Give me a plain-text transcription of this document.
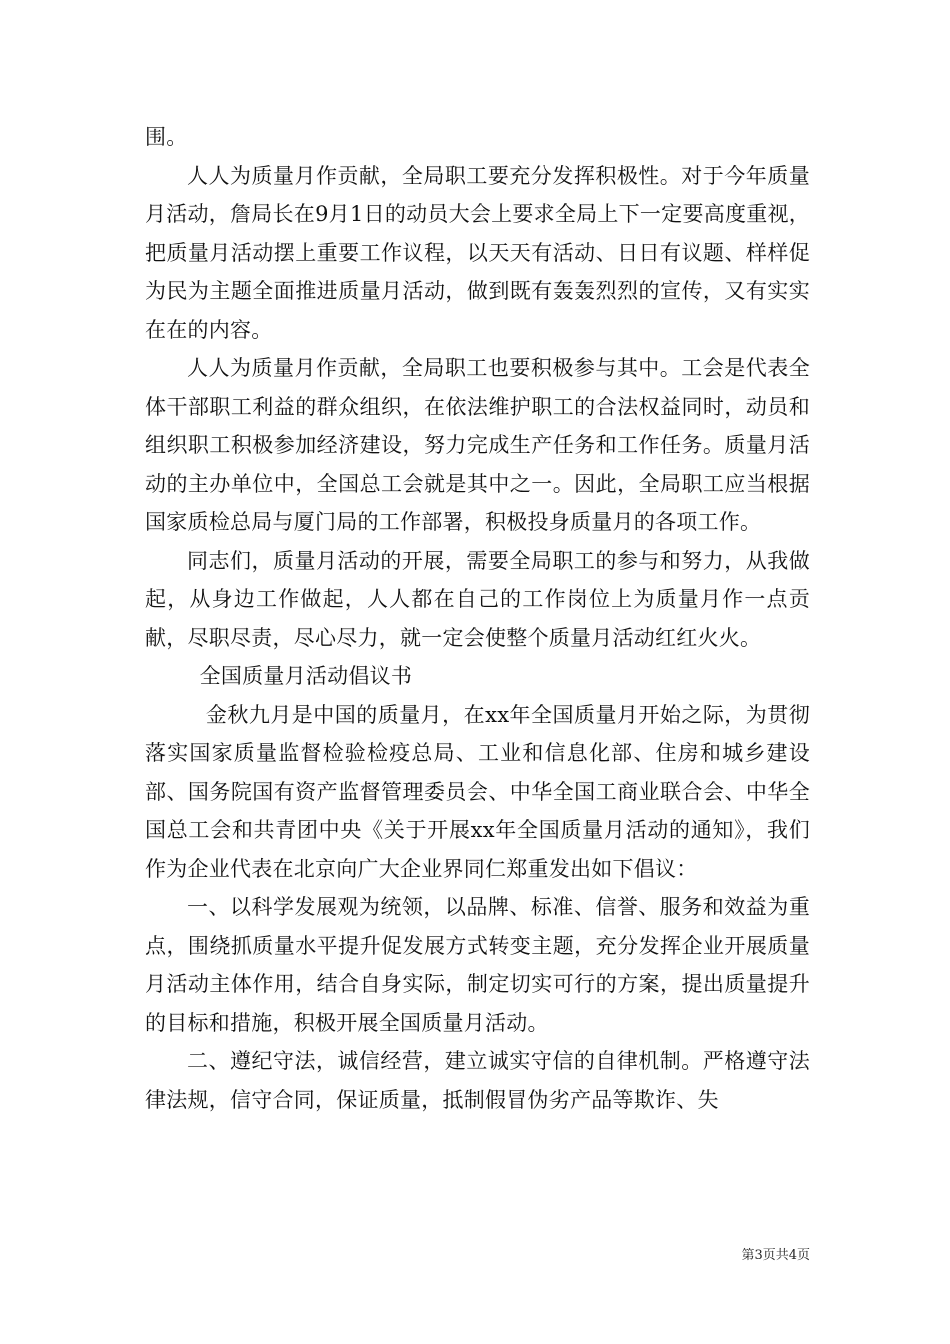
围。

人人为质量月作贡献，全局职工要充分发挥积极性。对于今年质量月活动，詹局长在9月1日的动员大会上要求全局上下一定要高度重视，把质量月活动摆上重要工作议程，以天天有活动、日日有议题、样样促为民为主题全面推进质量月活动，做到既有轰轰烈烈的宣传，又有实实在在的内容。

人人为质量月作贡献，全局职工也要积极参与其中。工会是代表全体干部职工利益的群众组织，在依法维护职工的合法权益同时，动员和组织职工积极参加经济建设，努力完成生产任务和工作任务。质量月活动的主办单位中，全国总工会就是其中之一。因此，全局职工应当根据国家质检总局与厦门局的工作部署，积极投身质量月的各项工作。

同志们，质量月活动的开展，需要全局职工的参与和努力，从我做起，从身边工作做起，人人都在自己的工作岗位上为质量月作一点贡献，尽职尽责，尽心尽力，就一定会使整个质量月活动红红火火。

全国质量月活动倡议书

金秋九月是中国的质量月，在xx年全国质量月开始之际，为贯彻落实国家质量监督检验检疫总局、工业和信息化部、住房和城乡建设部、国务院国有资产监督管理委员会、中华全国工商业联合会、中华全国总工会和共青团中央《关于开展xx年全国质量月活动的通知》，我们作为企业代表在北京向广大企业界同仁郑重发出如下倡议：

一、以科学发展观为统领，以品牌、标准、信誉、服务和效益为重点，围绕抓质量水平提升促发展方式转变主题，充分发挥企业开展质量月活动主体作用，结合自身实际，制定切实可行的方案，提出质量提升的目标和措施，积极开展全国质量月活动。

二、遵纪守法，诚信经营，建立诚实守信的自律机制。严格遵守法律法规，信守合同，保证质量，抵制假冒伪劣产品等欺诈、失

第3页共4页
